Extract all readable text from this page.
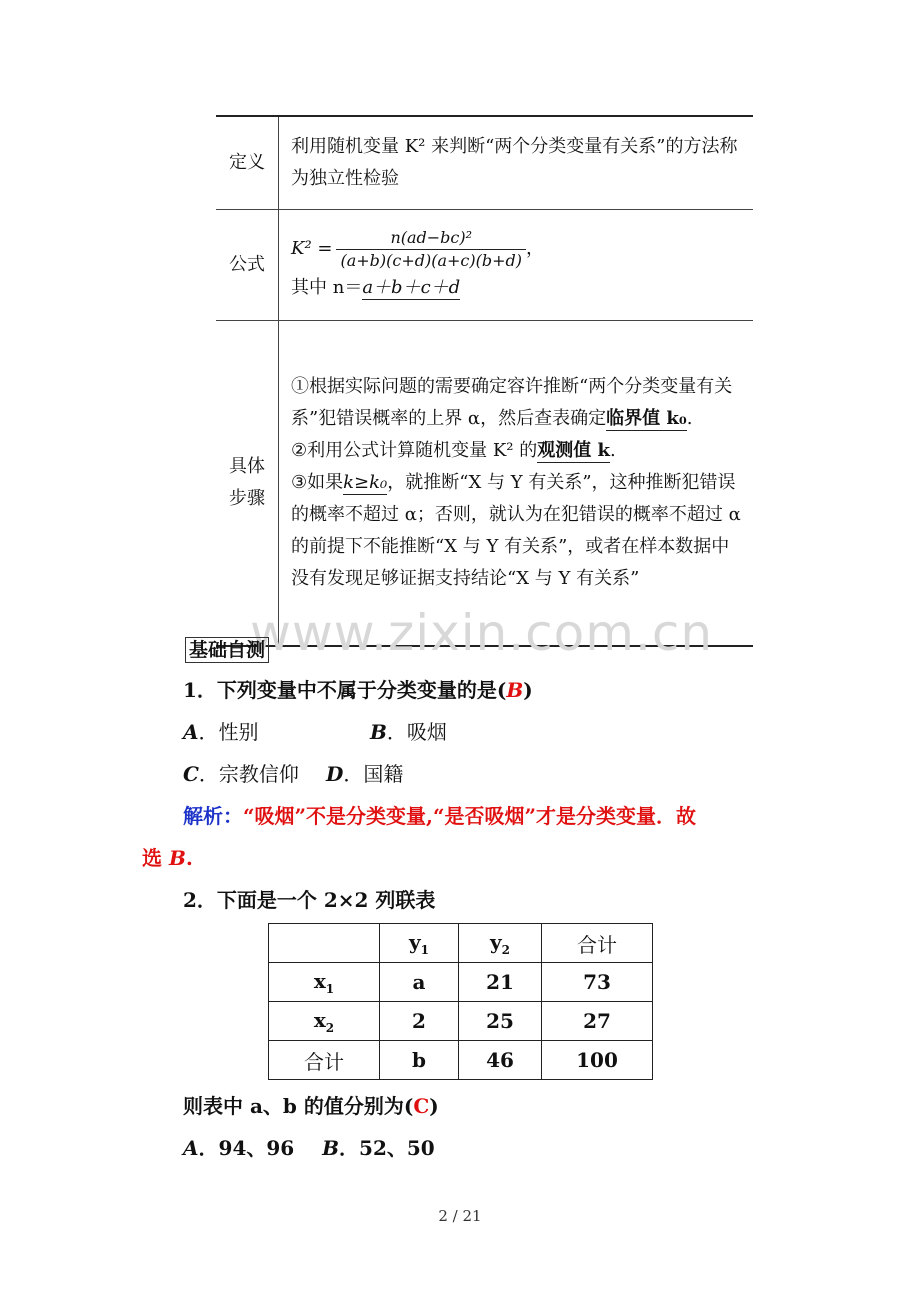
定义	利用随机变量 K² 来判断“两个分类变量有关系”的方法称为独立性检验
公式	$K^2 = \frac{\text{n(ad−bc)²}}{(a+b)(c+d)(a+c)(b+d)}$ ，
其中 n＝a＋b＋c＋d

具体
步骤	①根据实际问题的需要确定容许推断“两个分类变量有关系”犯错误概率的上界 α，然后查表确定临界值 k₀.
②利用公式计算随机变量 K² 的观测值 k.
③如果k≥k₀，就推断“X 与 Y 有关系”，这种推断犯错误的概率不超过 α；否则，就认为在犯错误的概率不超过 α 的前提下不能推断“X 与 Y 有关系”，或者在样本数据中没有发现足够证据支持结论“X 与 Y 有关系”
www.zixin.com.cn
基础自测
1．下列变量中不属于分类变量的是(B)
A．性别	B．吸烟
C．宗教信仰 D．国籍
解析：“吸烟”不是分类变量,“是否吸烟”才是分类变量．故
选 B.
2．下面是一个 2×2 列联表
	$y_1$	$y_2$	合计
$x_1$	a	21	73
$x_2$	2	25	27
合计	b	46	100
则表中 a、b 的值分别为(C)
A．94、96 B．52、50
2 / 21
